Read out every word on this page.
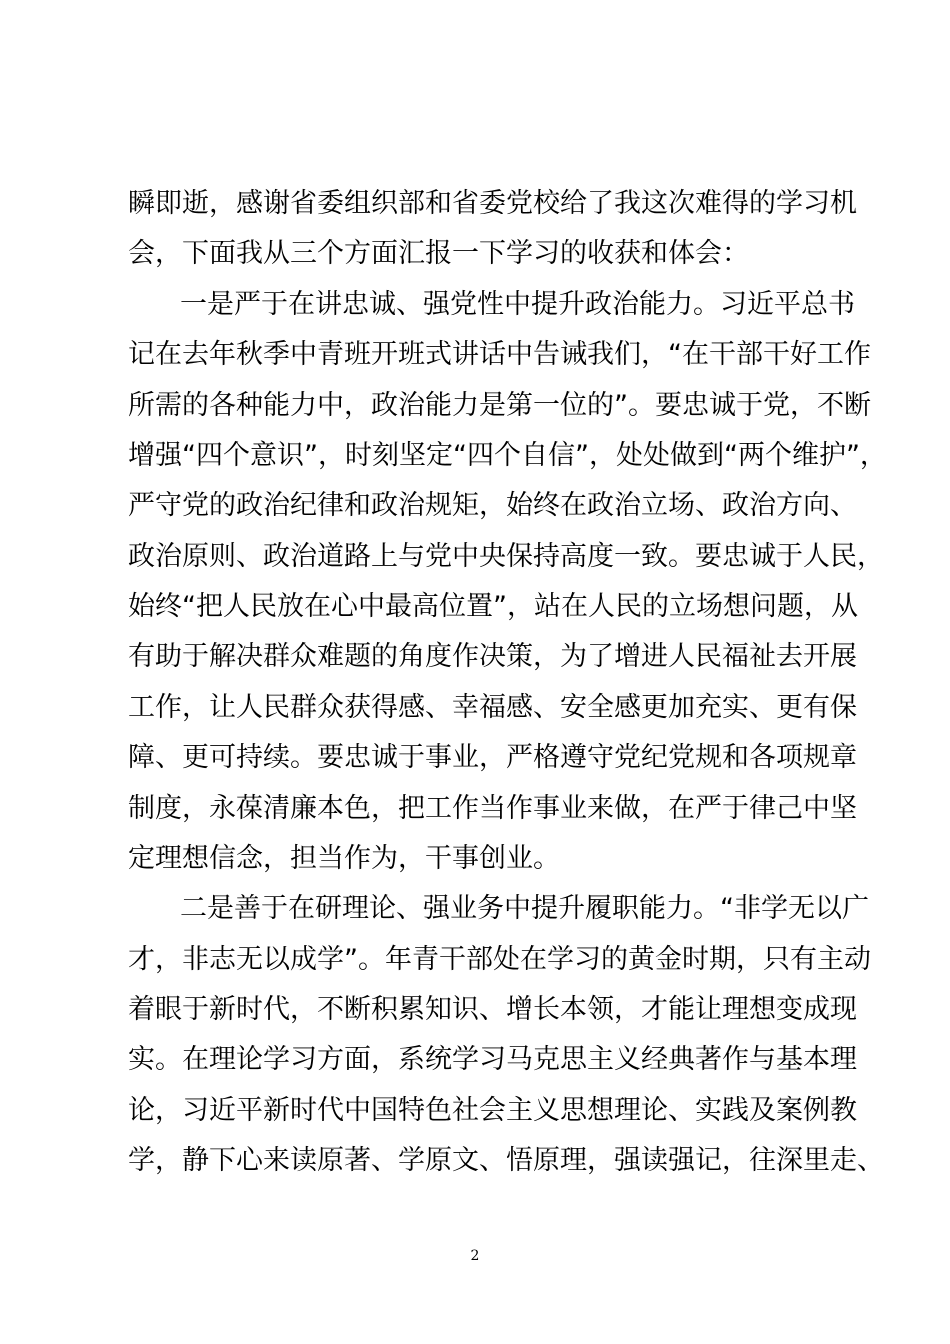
瞬即逝，感谢省委组织部和省委党校给了我这次难得的学习机
会，下面我从三个方面汇报一下学习的收获和体会：
一是严于在讲忠诚、强党性中提升政治能力。习近平总书
记在去年秋季中青班开班式讲话中告诫我们，“在干部干好工作
所需的各种能力中，政治能力是第一位的”。要忠诚于党，不断
增强“四个意识”，时刻坚定“四个自信”，处处做到“两个维护”，
严守党的政治纪律和政治规矩，始终在政治立场、政治方向、
政治原则、政治道路上与党中央保持高度一致。要忠诚于人民，
始终“把人民放在心中最高位置”，站在人民的立场想问题，从
有助于解决群众难题的角度作决策，为了增进人民福祉去开展
工作，让人民群众获得感、幸福感、安全感更加充实、更有保
障、更可持续。要忠诚于事业，严格遵守党纪党规和各项规章
制度，永葆清廉本色，把工作当作事业来做，在严于律己中坚
定理想信念，担当作为，干事创业。
二是善于在研理论、强业务中提升履职能力。“非学无以广
才，非志无以成学”。年青干部处在学习的黄金时期，只有主动
着眼于新时代，不断积累知识、增长本领，才能让理想变成现
实。在理论学习方面，系统学习马克思主义经典著作与基本理
论，习近平新时代中国特色社会主义思想理论、实践及案例教
学，静下心来读原著、学原文、悟原理，强读强记，往深里走、
2
